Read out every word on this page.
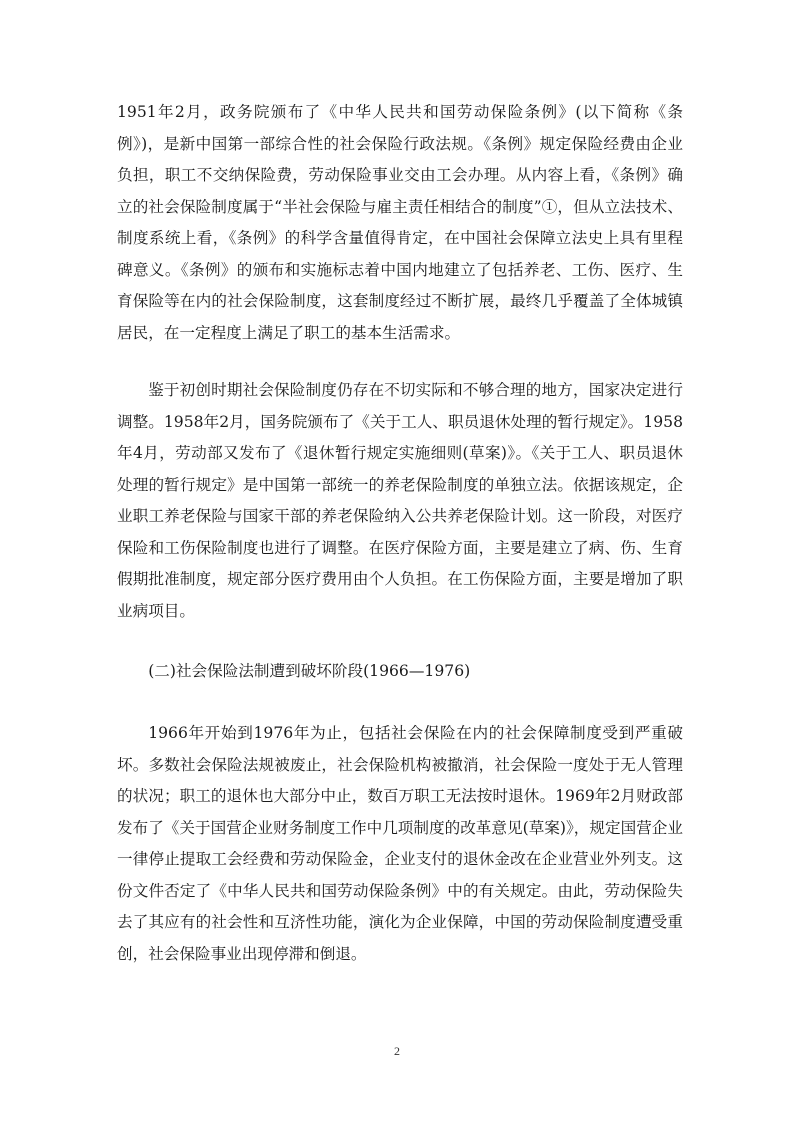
1951年2月，政务院颁布了《中华人民共和国劳动保险条例》(以下简称《条例》)，是新中国第一部综合性的社会保险行政法规。《条例》规定保险经费由企业负担，职工不交纳保险费，劳动保险事业交由工会办理。从内容上看，《条例》确立的社会保险制度属于“半社会保险与雇主责任相结合的制度”①，但从立法技术、制度系统上看，《条例》的科学含量值得肯定，在中国社会保障立法史上具有里程碑意义。《条例》的颁布和实施标志着中国内地建立了包括养老、工伤、医疗、生育保险等在内的社会保险制度，这套制度经过不断扩展，最终几乎覆盖了全体城镇居民，在一定程度上满足了职工的基本生活需求。

鉴于初创时期社会保险制度仍存在不切实际和不够合理的地方，国家决定进行调整。1958年2月，国务院颁布了《关于工人、职员退休处理的暂行规定》。1958年4月，劳动部又发布了《退休暂行规定实施细则(草案)》。《关于工人、职员退休处理的暂行规定》是中国第一部统一的养老保险制度的单独立法。依据该规定，企业职工养老保险与国家干部的养老保险纳入公共养老保险计划。这一阶段，对医疗保险和工伤保险制度也进行了调整。在医疗保险方面，主要是建立了病、伤、生育假期批准制度，规定部分医疗费用由个人负担。在工伤保险方面，主要是增加了职业病项目。

(二)社会保险法制遭到破坏阶段(1966—1976)

1966年开始到1976年为止，包括社会保险在内的社会保障制度受到严重破坏。多数社会保险法规被废止，社会保险机构被撤消，社会保险一度处于无人管理的状况；职工的退休也大部分中止，数百万职工无法按时退休。1969年2月财政部发布了《关于国营企业财务制度工作中几项制度的改革意见(草案)》，规定国营企业一律停止提取工会经费和劳动保险金，企业支付的退休金改在企业营业外列支。这份文件否定了《中华人民共和国劳动保险条例》中的有关规定。由此，劳动保险失去了其应有的社会性和互济性功能，演化为企业保障，中国的劳动保险制度遭受重创，社会保险事业出现停滞和倒退。

2
